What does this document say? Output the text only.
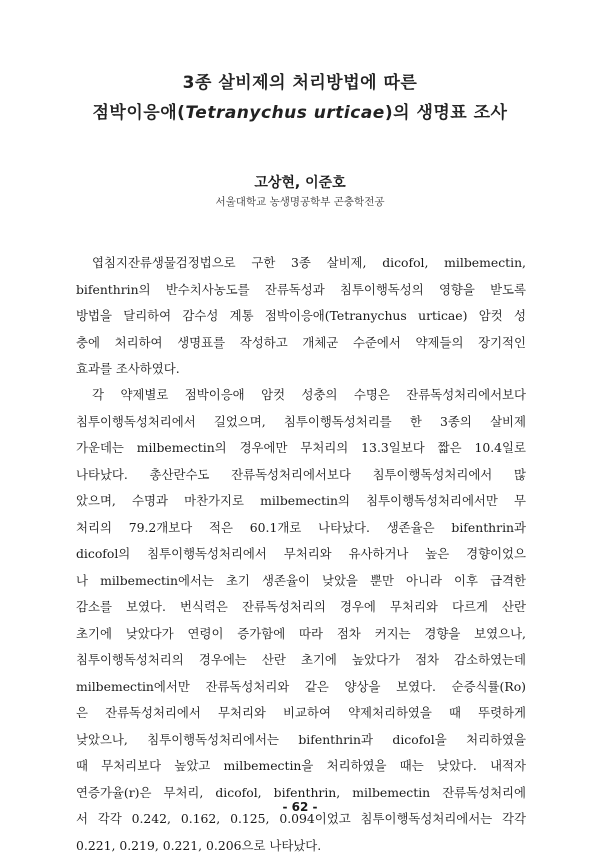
3종 살비제의 처리방법에 따른
점박이응애(Tetranychus urticae)의 생명표 조사
고상현, 이준호
서울대학교 농생명공학부 곤충학전공
엽침지잔류생물검정법으로 구한 3종 살비제, dicofol, milbemectin,
bifenthrin의 반수치사농도를 잔류독성과 침투이행독성의 영향을 받도록
방법을 달리하여 감수성 계통 점박이응애(Tetranychus urticae) 암컷 성
충에 처리하여 생명표를 작성하고 개체군 수준에서 약제들의 장기적인
효과를 조사하였다.
각 약제별로 점박이응애 암컷 성충의 수명은 잔류독성처리에서보다
침투이행독성처리에서 길었으며, 침투이행독성처리를 한 3종의 살비제
가운데는 milbemectin의 경우에만 무처리의 13.3일보다 짧은 10.4일로
나타났다. 총산란수도 잔류독성처리에서보다 침투이행독성처리에서 많
았으며, 수명과 마찬가지로 milbemectin의 침투이행독성처리에서만 무
처리의 79.2개보다 적은 60.1개로 나타났다. 생존율은 bifenthrin과
dicofol의 침투이행독성처리에서 무처리와 유사하거나 높은 경향이었으
나 milbemectin에서는 초기 생존율이 낮았을 뿐만 아니라 이후 급격한
감소를 보였다. 번식력은 잔류독성처리의 경우에 무처리와 다르게 산란
초기에 낮았다가 연령이 증가함에 따라 점차 커지는 경향을 보였으나,
침투이행독성처리의 경우에는 산란 초기에 높았다가 점차 감소하였는데
milbemectin에서만 잔류독성처리와 같은 양상을 보였다. 순증식률(Ro)
은 잔류독성처리에서 무처리와 비교하여 약제처리하였을 때 뚜렷하게
낮았으나, 침투이행독성처리에서는 bifenthrin과 dicofol을 처리하였을
때 무처리보다 높았고 milbemectin을 처리하였을 때는 낮았다. 내적자
연증가율(r)은 무처리, dicofol, bifenthrin, milbemectin 잔류독성처리에
서 각각 0.242, 0.162, 0.125, 0.094이었고 침투이행독성처리에서는 각각
0.221, 0.219, 0.221, 0.206으로 나타났다.
- 62 -
